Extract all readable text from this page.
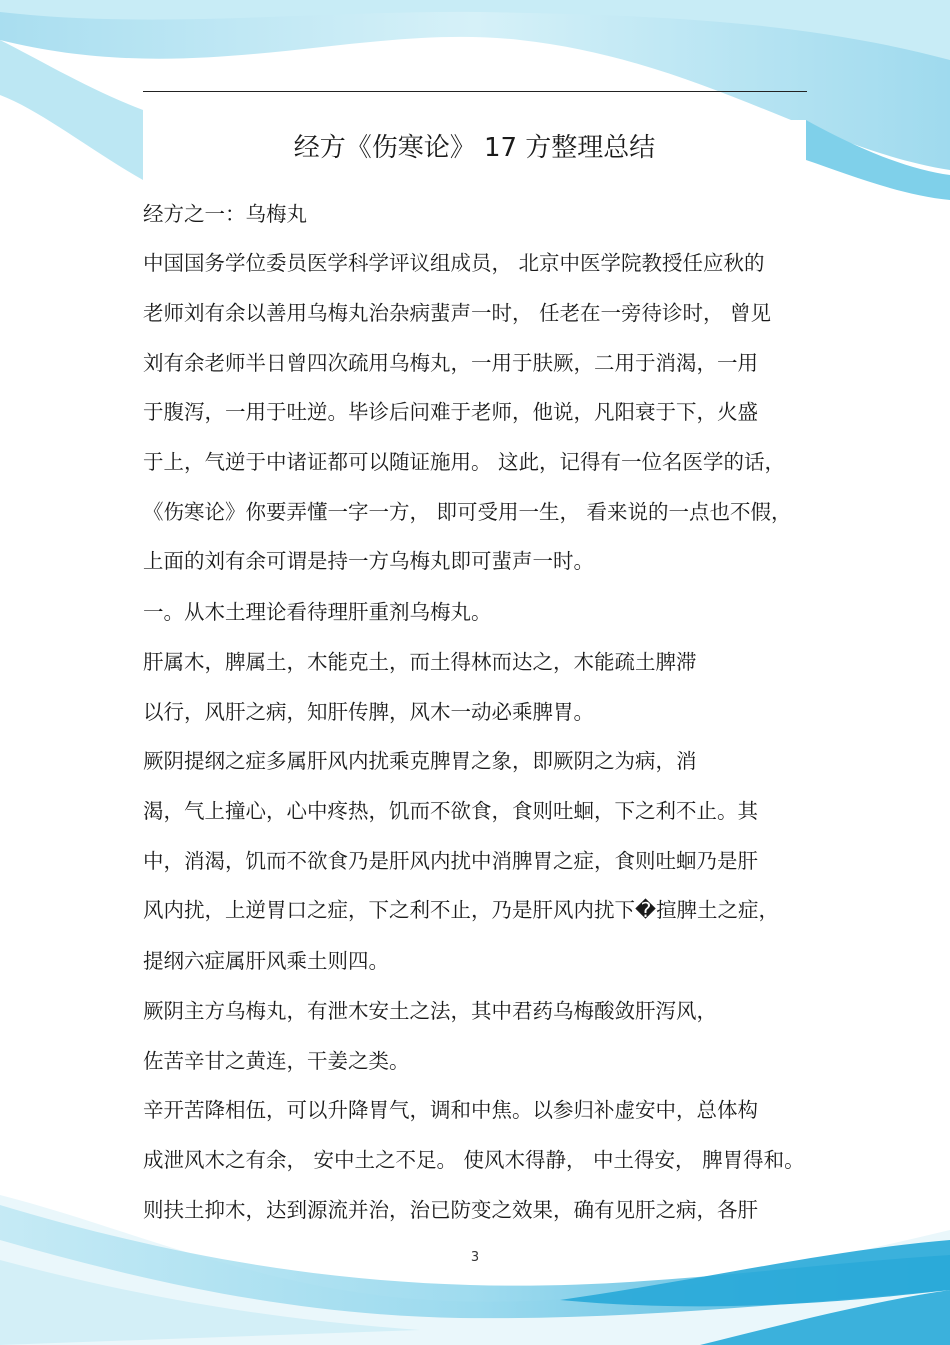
经方《伤寒论》 17 方整理总结
经方之一：乌梅丸
中国国务学位委员医学科学评议组成员， 北京中医学院教授任应秋的
老师刘有余以善用乌梅丸治杂病蜚声一时， 任老在一旁待诊时， 曾见
刘有余老师半日曾四次疏用乌梅丸，一用于肤厥，二用于消渴，一用
于腹泻，一用于吐逆。毕诊后问难于老师，他说，凡阳衰于下，火盛
于上，气逆于中诸证都可以随证施用。 这此，记得有一位名医学的话，
《伤寒论》你要弄懂一字一方， 即可受用一生， 看来说的一点也不假，
上面的刘有余可谓是持一方乌梅丸即可蜚声一时。
一。从木土理论看待理肝重剂乌梅丸。
肝属木，脾属土，木能克土，而土得林而达之，木能疏土脾滞
以行，风肝之病，知肝传脾，风木一动必乘脾胃。
厥阴提纲之症多属肝风内扰乘克脾胃之象，即厥阴之为病，消
渴，气上撞心，心中疼热，饥而不欲食，食则吐蛔，下之利不止。其
中，消渴，饥而不欲食乃是肝风内扰中消脾胃之症，食则吐蛔乃是肝
风内扰，上逆胃口之症，下之利不止，乃是肝风内扰下�揎脾土之症，
提纲六症属肝风乘土则四。
厥阴主方乌梅丸，有泄木安土之法，其中君药乌梅酸敛肝泻风，
佐苦辛甘之黄连，干姜之类。
辛开苦降相伍，可以升降胃气，调和中焦。以参归补虚安中，总体构
成泄风木之有余， 安中土之不足。 使风木得静， 中土得安， 脾胃得和。
则扶土抑木，达到源流并治，治已防变之效果，确有见肝之病，各肝
3
